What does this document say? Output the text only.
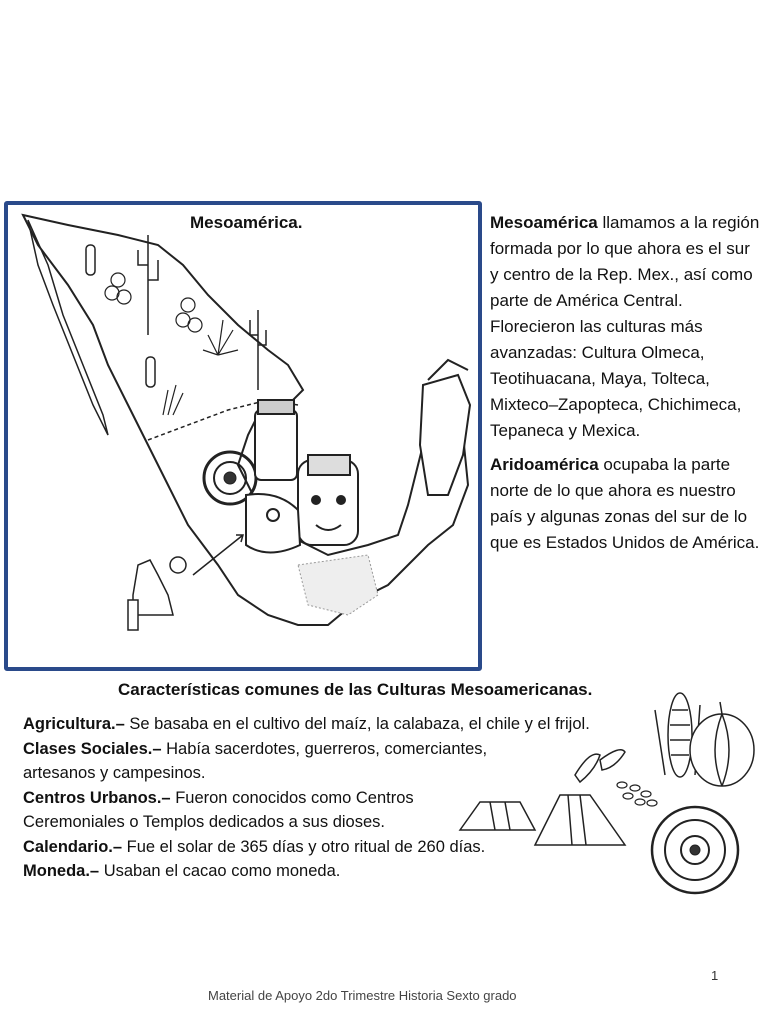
Mesoamérica.	Mesoamérica llamamos a la región formada por lo que ahora es el sur y centro de la Rep. Mex., así como parte de América Central. Florecieron las culturas más avanzadas: Cultura Olmeca, Teotihuacana, Maya, Tolteca, Mixteco–Zapopteca, Chichimeca, Tepaneca y Mexica.

Aridoamérica ocupaba la parte norte de lo que ahora es nuestro país y algunas zonas del sur de lo que es Estados Unidos de América.

Características comunes de las Culturas Mesoamericanas.
Agricultura.– Se basaba en el cultivo del maíz, la calabaza, el chile y el frijol.
Clases Sociales.– Había sacerdotes, guerreros, comerciantes,
artesanos y campesinos.
Centros Urbanos.– Fueron conocidos como Centros
Ceremoniales o Templos dedicados a sus dioses.
Calendario.– Fue el solar de 365 días y otro ritual de 260 días.
Moneda.– Usaban el cacao como moneda.
1
Material de Apoyo 2do Trimestre Historia Sexto grado
